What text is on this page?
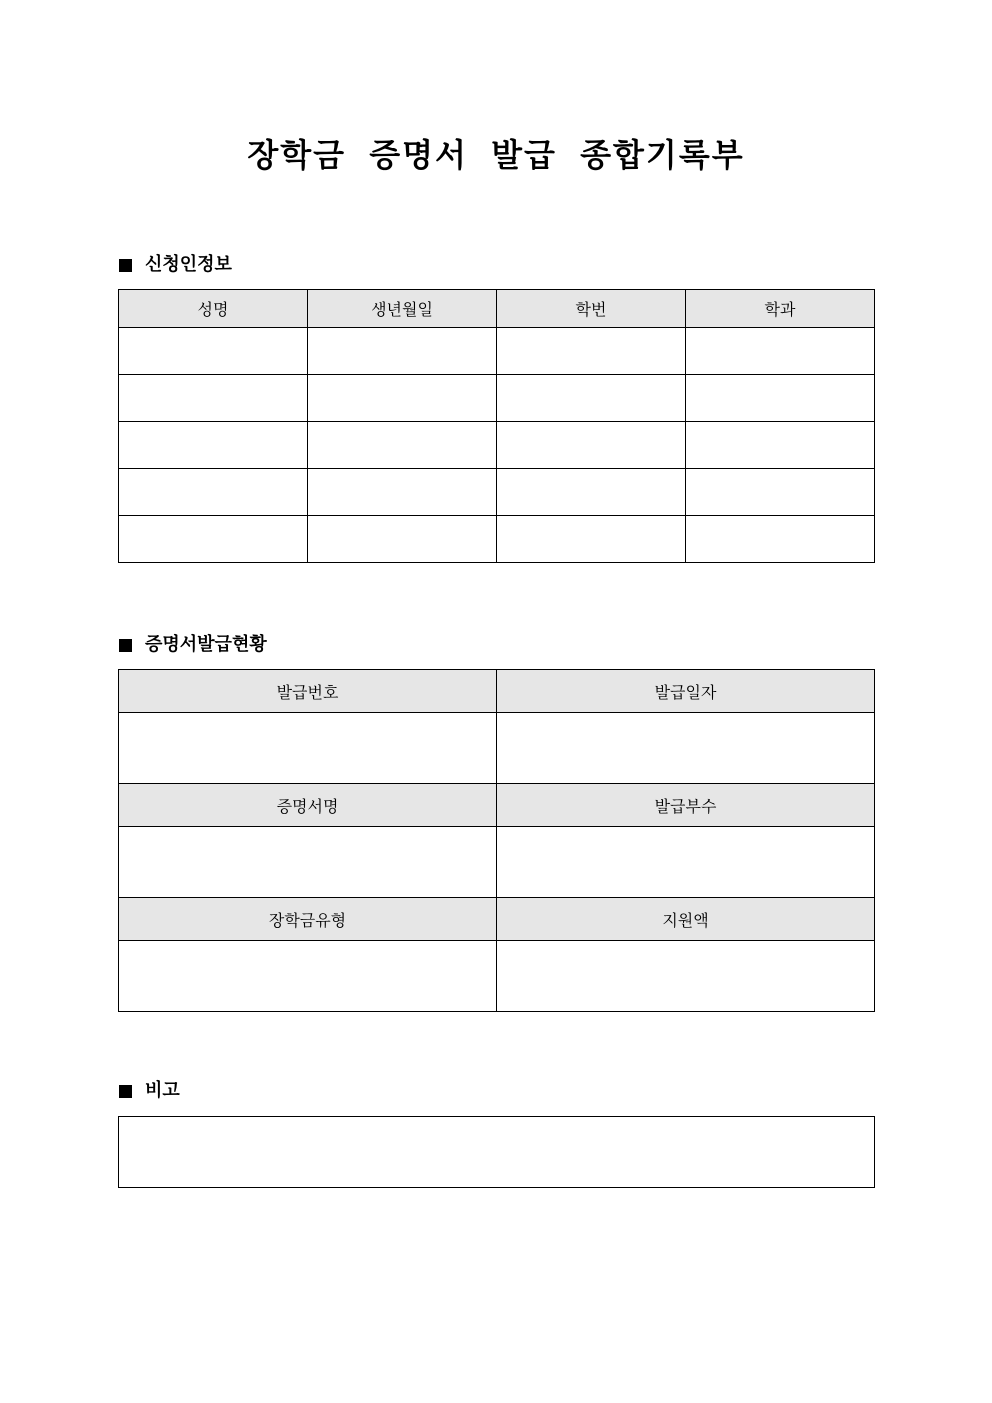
장학금 증명서 발급 종합기록부
신청인정보
성명	생년월일	학번	학과

증명서발급현황
발급번호	발급일자

증명서명	발급부수

장학금유형	지원액

비고
